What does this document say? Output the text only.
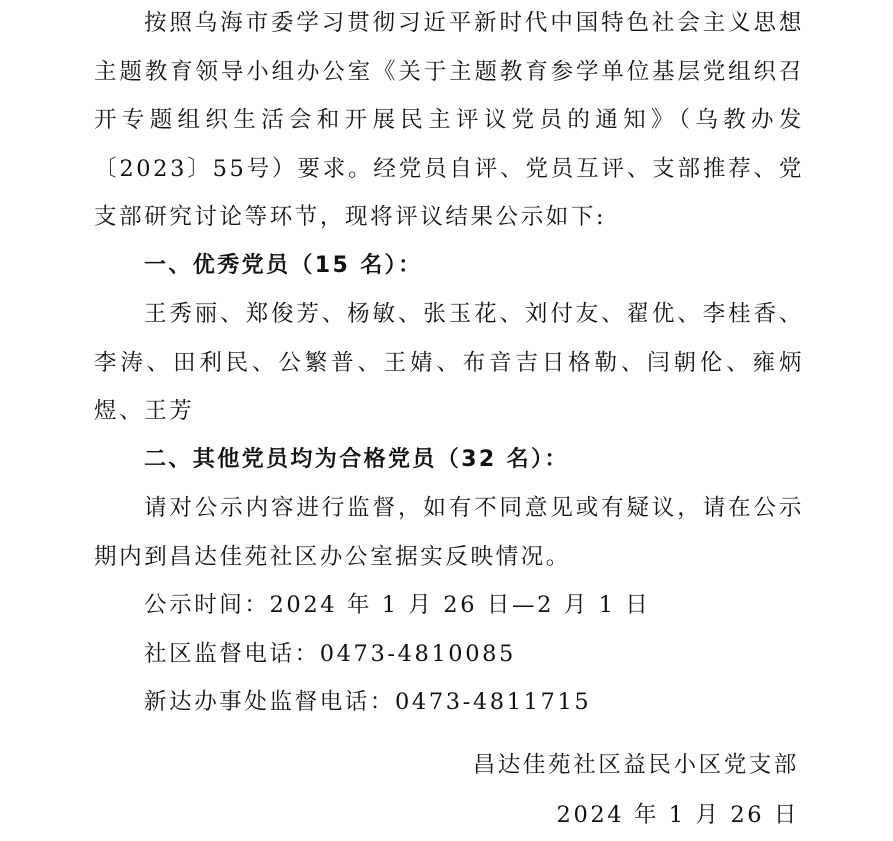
按照乌海市委学习贯彻习近平新时代中国特色社会主义思想主题教育领导小组办公室《关于主题教育参学单位基层党组织召开专题组织生活会和开展民主评议党员的通知》（乌教办发〔2023〕55号）要求。经党员自评、党员互评、支部推荐、党支部研究讨论等环节，现将评议结果公示如下:

一、优秀党员（15 名）：

王秀丽、郑俊芳、杨敏、张玉花、刘付友、翟优、李桂香、李涛、田利民、公繁普、王婧、布音吉日格勒、闫朝伦、雍炳煜、王芳

二、其他党员均为合格党员（32 名）：

请对公示内容进行监督，如有不同意见或有疑议，请在公示期内到昌达佳苑社区办公室据实反映情况。

公示时间：2024 年 1 月 26 日—2 月 1 日

社区监督电话：0473-4810085

新达办事处监督电话：0473-4811715

昌达佳苑社区益民小区党支部
2024 年 1 月 26 日
